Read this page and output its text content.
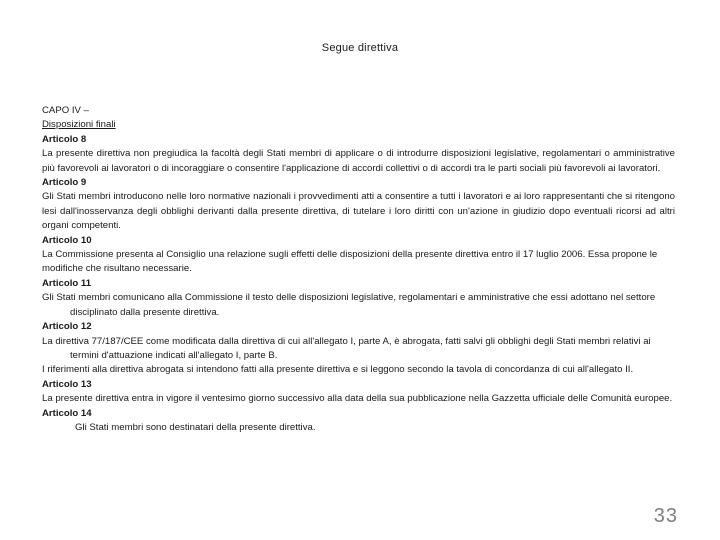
Segue direttiva

CAPO IV –

Disposizioni finali

Articolo 8

La presente direttiva non pregiudica la facoltà degli Stati membri di applicare o di introdurre disposizioni legislative, regolamentari o amministrative più favorevoli ai lavoratori o di incoraggiare o consentire l'applicazione di accordi collettivi o di accordi tra le parti sociali più favorevoli ai lavoratori.

Articolo 9

Gli Stati membri introducono nelle loro normative nazionali i provvedimenti atti a consentire a tutti i lavoratori e ai loro rappresentanti che si ritengono lesi dall'inosservanza degli obblighi derivanti dalla presente direttiva, di tutelare i loro diritti con un'azione in giudizio dopo eventuali ricorsi ad altri organi competenti.

Articolo 10

La Commissione presenta al Consiglio una relazione sugli effetti delle disposizioni della presente direttiva entro il 17 luglio 2006. Essa propone le modifiche che risultano necessarie.

Articolo 11

Gli Stati membri comunicano alla Commissione il testo delle disposizioni legislative, regolamentari e amministrative che essi adottano nel settore disciplinato dalla presente direttiva.

Articolo 12

La direttiva 77/187/CEE come modificata dalla direttiva di cui all'allegato I, parte A, è abrogata, fatti salvi gli obblighi degli Stati membri relativi ai termini d'attuazione indicati all'allegato I, parte B.

I riferimenti alla direttiva abrogata si intendono fatti alla presente direttiva e si leggono secondo la tavola di concordanza di cui all'allegato II.

Articolo 13

La presente direttiva entra in vigore il ventesimo giorno successivo alla data della sua pubblicazione nella Gazzetta ufficiale delle Comunità europee.

Articolo 14

Gli Stati membri sono destinatari della presente direttiva.

33
